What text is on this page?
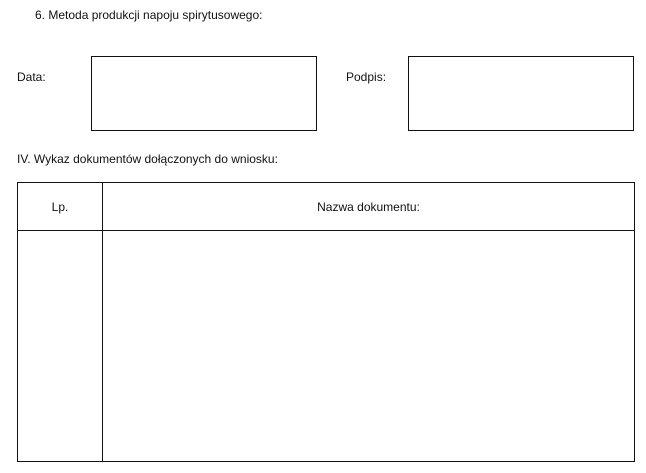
6. Metoda produkcji napoju spirytusowego:
Data:	Podpis:
IV. Wykaz dokumentów dołączonych do wniosku:
Lp.	Nazwa dokumentu:
